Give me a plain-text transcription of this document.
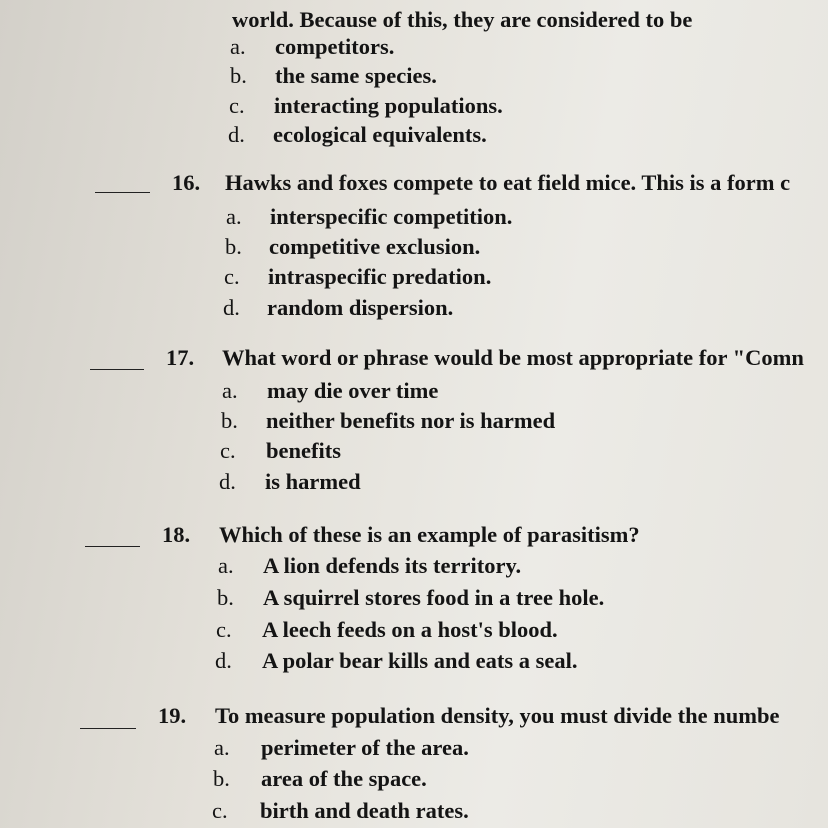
world. Because of this, they are considered to be
a. competitors.
b. the same species.
c. interacting populations.
d. ecological equivalents.
16. Hawks and foxes compete to eat field mice. This is a form c
a. interspecific competition.
b. competitive exclusion.
c. intraspecific predation.
d. random dispersion.
17. What word or phrase would be most appropriate for "Comn
a. may die over time
b. neither benefits nor is harmed
c. benefits
d. is harmed
18. Which of these is an example of parasitism?
a. A lion defends its territory.
b. A squirrel stores food in a tree hole.
c. A leech feeds on a host's blood.
d. A polar bear kills and eats a seal.
19. To measure population density, you must divide the numbe
a. perimeter of the area.
b. area of the space.
c. birth and death rates.
